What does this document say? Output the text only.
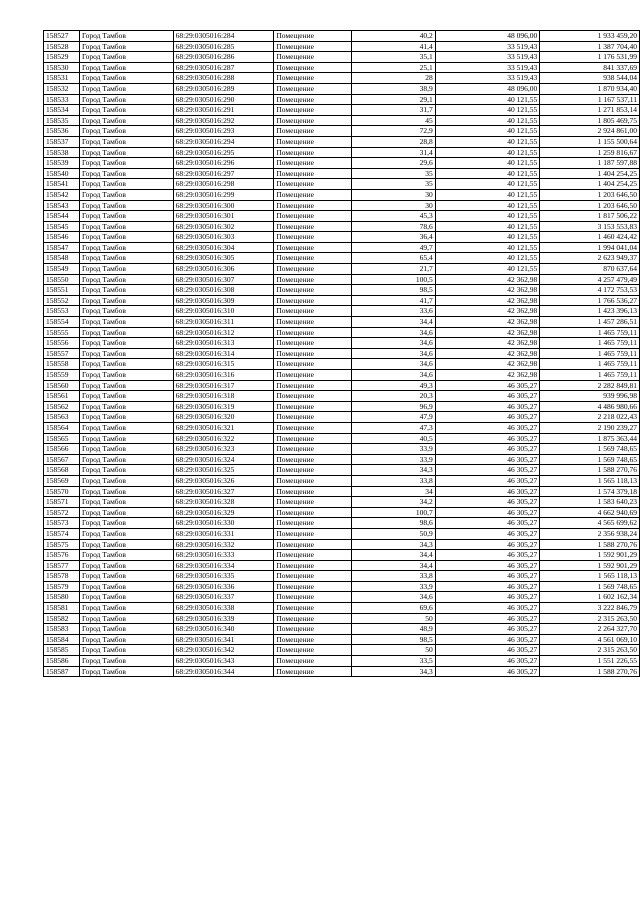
158527	Город Тамбов	68:29:0305016:284	Помещение	40,2	48 096,00	1 933 459,20
158528	Город Тамбов	68:29:0305016:285	Помещение	41,4	33 519,43	1 387 704,40
158529	Город Тамбов	68:29:0305016:286	Помещение	35,1	33 519,43	1 176 531,99
158530	Город Тамбов	68:29:0305016:287	Помещение	25,1	33 519,43	841 337,69
158531	Город Тамбов	68:29:0305016:288	Помещение	28	33 519,43	938 544,04
158532	Город Тамбов	68:29:0305016:289	Помещение	38,9	48 096,00	1 870 934,40
158533	Город Тамбов	68:29:0305016:290	Помещение	29,1	40 121,55	1 167 537,11
158534	Город Тамбов	68:29:0305016:291	Помещение	31,7	40 121,55	1 271 853,14
158535	Город Тамбов	68:29:0305016:292	Помещение	45	40 121,55	1 805 469,75
158536	Город Тамбов	68:29:0305016:293	Помещение	72,9	40 121,55	2 924 861,00
158537	Город Тамбов	68:29:0305016:294	Помещение	28,8	40 121,55	1 155 500,64
158538	Город Тамбов	68:29:0305016:295	Помещение	31,4	40 121,55	1 259 816,67
158539	Город Тамбов	68:29:0305016:296	Помещение	29,6	40 121,55	1 187 597,88
158540	Город Тамбов	68:29:0305016:297	Помещение	35	40 121,55	1 404 254,25
158541	Город Тамбов	68:29:0305016:298	Помещение	35	40 121,55	1 404 254,25
158542	Город Тамбов	68:29:0305016:299	Помещение	30	40 121,55	1 203 646,50
158543	Город Тамбов	68:29:0305016:300	Помещение	30	40 121,55	1 203 646,50
158544	Город Тамбов	68:29:0305016:301	Помещение	45,3	40 121,55	1 817 506,22
158545	Город Тамбов	68:29:0305016:302	Помещение	78,6	40 121,55	3 153 553,83
158546	Город Тамбов	68:29:0305016:303	Помещение	36,4	40 121,55	1 460 424,42
158547	Город Тамбов	68:29:0305016:304	Помещение	49,7	40 121,55	1 994 041,04
158548	Город Тамбов	68:29:0305016:305	Помещение	65,4	40 121,55	2 623 949,37
158549	Город Тамбов	68:29:0305016:306	Помещение	21,7	40 121,55	870 637,64
158550	Город Тамбов	68:29:0305016:307	Помещение	100,5	42 362,98	4 257 479,49
158551	Город Тамбов	68:29:0305016:308	Помещение	98,5	42 362,98	4 172 753,53
158552	Город Тамбов	68:29:0305016:309	Помещение	41,7	42 362,98	1 766 536,27
158553	Город Тамбов	68:29:0305016:310	Помещение	33,6	42 362,98	1 423 396,13
158554	Город Тамбов	68:29:0305016:311	Помещение	34,4	42 362,98	1 457 286,51
158555	Город Тамбов	68:29:0305016:312	Помещение	34,6	42 362,98	1 465 759,11
158556	Город Тамбов	68:29:0305016:313	Помещение	34,6	42 362,98	1 465 759,11
158557	Город Тамбов	68:29:0305016:314	Помещение	34,6	42 362,98	1 465 759,11
158558	Город Тамбов	68:29:0305016:315	Помещение	34,6	42 362,98	1 465 759,11
158559	Город Тамбов	68:29:0305016:316	Помещение	34,6	42 362,98	1 465 759,11
158560	Город Тамбов	68:29:0305016:317	Помещение	49,3	46 305,27	2 282 849,81
158561	Город Тамбов	68:29:0305016:318	Помещение	20,3	46 305,27	939 996,98
158562	Город Тамбов	68:29:0305016:319	Помещение	96,9	46 305,27	4 486 980,66
158563	Город Тамбов	68:29:0305016:320	Помещение	47,9	46 305,27	2 218 022,43
158564	Город Тамбов	68:29:0305016:321	Помещение	47,3	46 305,27	2 190 239,27
158565	Город Тамбов	68:29:0305016:322	Помещение	40,5	46 305,27	1 875 363,44
158566	Город Тамбов	68:29:0305016:323	Помещение	33,9	46 305,27	1 569 748,65
158567	Город Тамбов	68:29:0305016:324	Помещение	33,9	46 305,27	1 569 748,65
158568	Город Тамбов	68:29:0305016:325	Помещение	34,3	46 305,27	1 588 270,76
158569	Город Тамбов	68:29:0305016:326	Помещение	33,8	46 305,27	1 565 118,13
158570	Город Тамбов	68:29:0305016:327	Помещение	34	46 305,27	1 574 379,18
158571	Город Тамбов	68:29:0305016:328	Помещение	34,2	46 305,27	1 583 640,23
158572	Город Тамбов	68:29:0305016:329	Помещение	100,7	46 305,27	4 662 940,69
158573	Город Тамбов	68:29:0305016:330	Помещение	98,6	46 305,27	4 565 699,62
158574	Город Тамбов	68:29:0305016:331	Помещение	50,9	46 305,27	2 356 938,24
158575	Город Тамбов	68:29:0305016:332	Помещение	34,3	46 305,27	1 588 270,76
158576	Город Тамбов	68:29:0305016:333	Помещение	34,4	46 305,27	1 592 901,29
158577	Город Тамбов	68:29:0305016:334	Помещение	34,4	46 305,27	1 592 901,29
158578	Город Тамбов	68:29:0305016:335	Помещение	33,8	46 305,27	1 565 118,13
158579	Город Тамбов	68:29:0305016:336	Помещение	33,9	46 305,27	1 569 748,65
158580	Город Тамбов	68:29:0305016:337	Помещение	34,6	46 305,27	1 602 162,34
158581	Город Тамбов	68:29:0305016:338	Помещение	69,6	46 305,27	3 222 846,79
158582	Город Тамбов	68:29:0305016:339	Помещение	50	46 305,27	2 315 263,50
158583	Город Тамбов	68:29:0305016:340	Помещение	48,9	46 305,27	2 264 327,70
158584	Город Тамбов	68:29:0305016:341	Помещение	98,5	46 305,27	4 561 069,10
158585	Город Тамбов	68:29:0305016:342	Помещение	50	46 305,27	2 315 263,50
158586	Город Тамбов	68:29:0305016:343	Помещение	33,5	46 305,27	1 551 226,55
158587	Город Тамбов	68:29:0305016:344	Помещение	34,3	46 305,27	1 588 270,76
